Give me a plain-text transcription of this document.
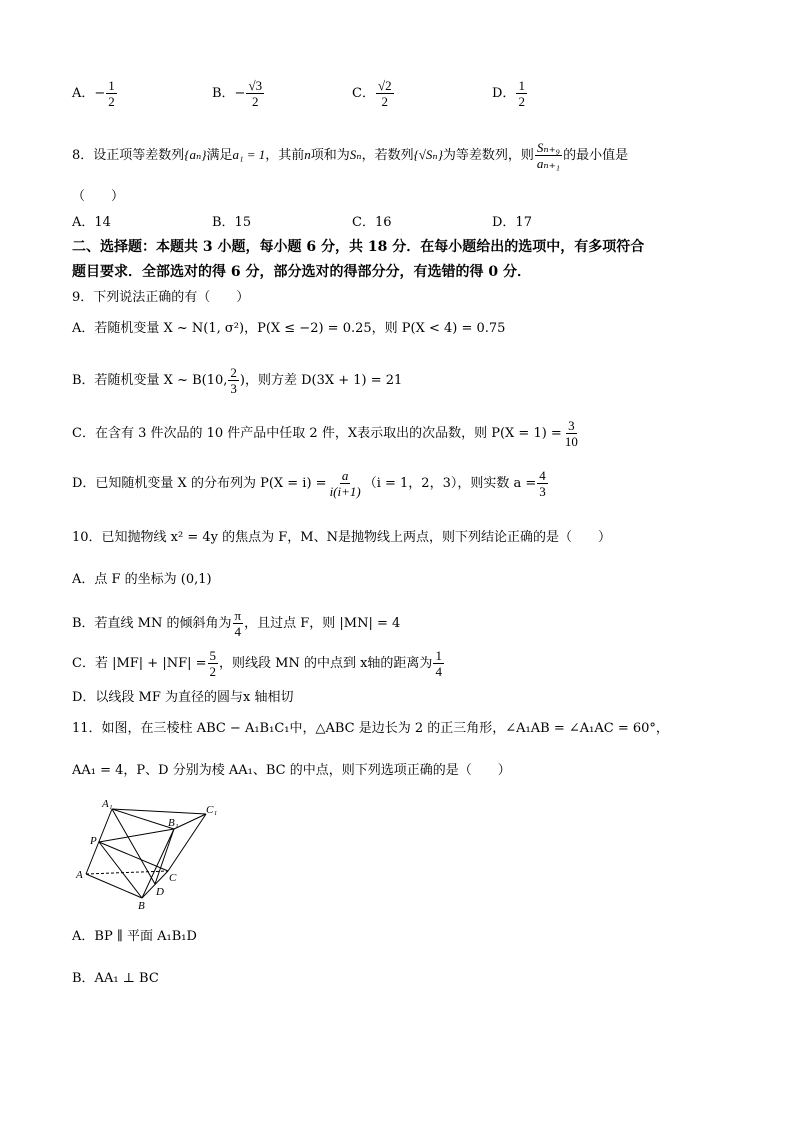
A．− $\frac{1}{2}$	B．− $\frac{√3}{2}$	C． $\frac{√2}{2}$	D． $\frac{1}{2}$
8．设正项等差数列{aₙ}满足a₁ = 1，其前n项和为Sₙ，若数列{√Sₙ}为等差数列，则 $\frac{\text{Sₙ₊₉}}{\text{aₙ₊₁}}$ 的最小值是
（　　）
A．14	B．15	C．16	D．17
二、选择题：本题共 3 小题，每小题 6 分，共 18 分．在每小题给出的选项中，有多项符合
题目要求．全部选对的得 6 分，部分选对的得部分分，有选错的得 0 分．
9．下列说法正确的有（　　）
A．若随机变量 X ~ N(1, σ²)，P(X ≤ −2) = 0.25，则 P(X < 4) = 0.75
B．若随机变量 X ~ B(10, $\frac{2}{3}$ )，则方差 D(3X + 1) = 21
C．在含有 3 件次品的 10 件产品中任取 2 件，X表示取出的次品数，则 $P(X = 1) = \frac{3}{10}$
D．已知随机变量 X 的分布列为 $P(X = i) = \frac{a}{i(i+1)} (i = 1$，2，3），则实数 $a = \frac{4}{3}$
10．已知抛物线 x² = 4y 的焦点为 F，M、N是抛物线上两点，则下列结论正确的是（　　）
A．点 F 的坐标为 (0,1)
B．若直线 MN 的倾斜角为 $\frac{\pi}{4}$ ，且过点 F，则 |MN| = 4
C．若 $|MF| + |NF| = \frac{5}{2}$ ，则线段 MN 的中点到 x轴的距离为 $\frac{1}{4}$
D．以线段 MF 为直径的圆与x 轴相切
11．如图，在三棱柱 ABC − A₁B₁C₁中，△ABC 是边长为 2 的正三角形，∠A₁AB = ∠A₁AC = 60°，
AA₁ = 4，P、D 分别为棱 AA₁、BC 的中点，则下列选项正确的是（　　）
A₁
B₁
C₁
P
A
B
C
D
A．BP ∥ 平面 A₁B₁D
B．AA₁ ⊥ BC
